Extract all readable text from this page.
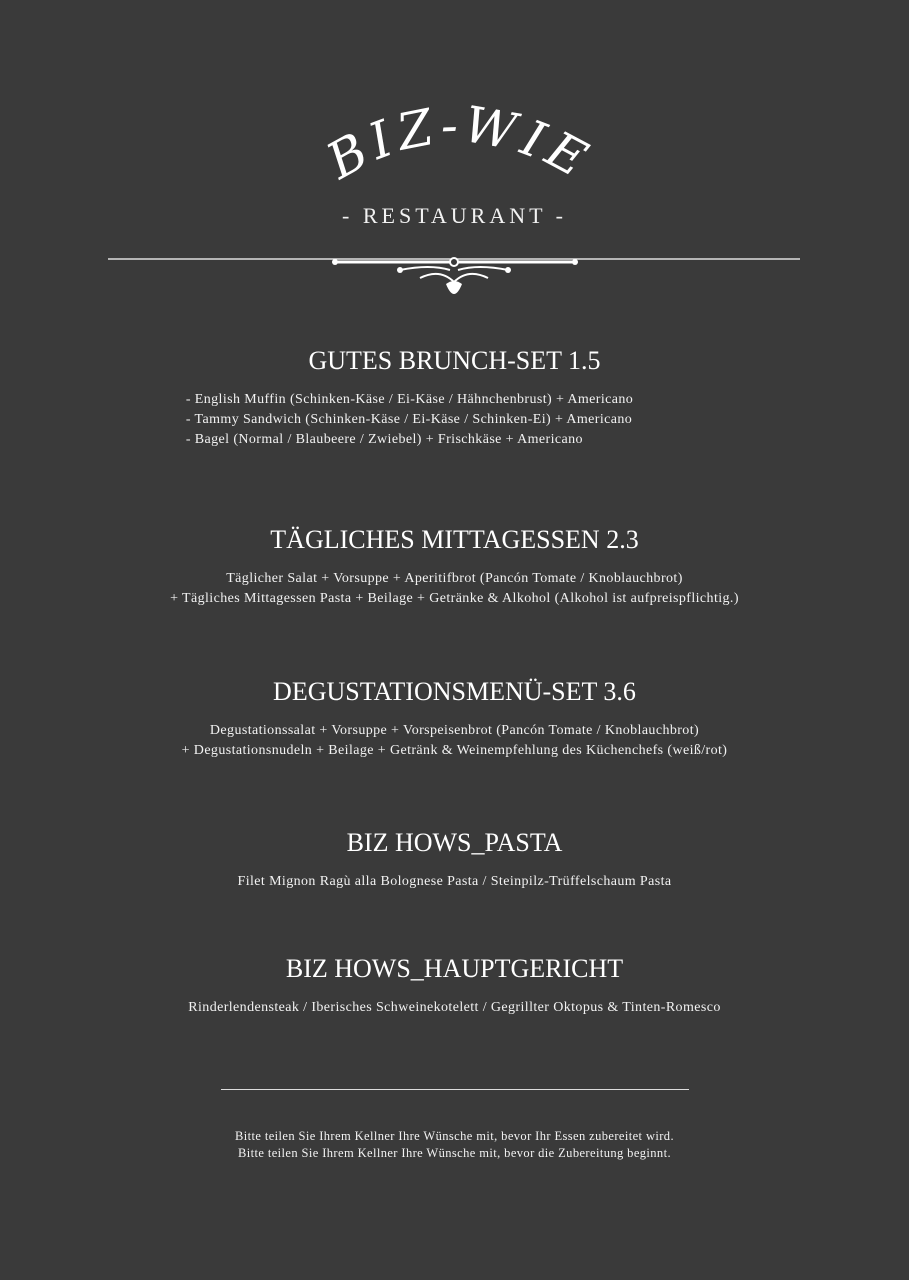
BIZ-WIE
- RESTAURANT -
GUTES BRUNCH-SET 1.5
- English Muffin (Schinken-Käse / Ei-Käse / Hähnchenbrust) + Americano
- Tammy Sandwich (Schinken-Käse / Ei-Käse / Schinken-Ei) + Americano
- Bagel (Normal / Blaubeere / Zwiebel) + Frischkäse + Americano
TÄGLICHES MITTAGESSEN 2.3
Täglicher Salat + Vorsuppe + Aperitifbrot (Pancón Tomate / Knoblauchbrot)
+ Tägliches Mittagessen Pasta + Beilage + Getränke & Alkohol (Alkohol ist aufpreispflichtig.)
DEGUSTATIONSMENÜ-SET 3.6
Degustationssalat + Vorsuppe + Vorspeisenbrot (Pancón Tomate / Knoblauchbrot)
+ Degustationsnudeln + Beilage + Getränk & Weinempfehlung des Küchenchefs (weiß/rot)
BIZ HOWS_PASTA
Filet Mignon Ragù alla Bolognese Pasta / Steinpilz-Trüffelschaum Pasta
BIZ HOWS_HAUPTGERICHT
Rinderlendensteak / Iberisches Schweinekotelett / Gegrillter Oktopus & Tinten-Romesco
Bitte teilen Sie Ihrem Kellner Ihre Wünsche mit, bevor Ihr Essen zubereitet wird.
Bitte teilen Sie Ihrem Kellner Ihre Wünsche mit, bevor die Zubereitung beginnt.
